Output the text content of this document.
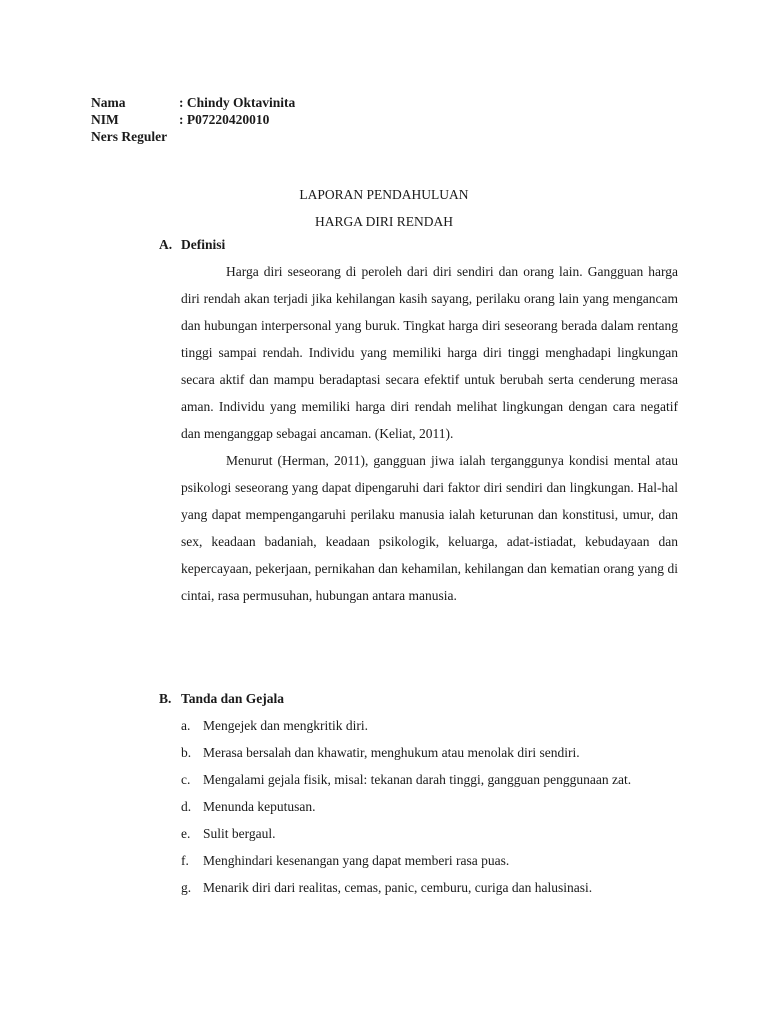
Nama	: Chindy Oktavinita
NIM	: P07220420010
Ners Reguler
LAPORAN PENDAHULUAN
HARGA DIRI RENDAH
A. Definisi

Harga diri seseorang di peroleh dari diri sendiri dan orang lain. Gangguan harga diri rendah akan terjadi jika kehilangan kasih sayang, perilaku orang lain yang mengancam dan hubungan interpersonal yang buruk. Tingkat harga diri seseorang berada dalam rentang tinggi sampai rendah. Individu yang memiliki harga diri tinggi menghadapi lingkungan secara aktif dan mampu beradaptasi secara efektif untuk berubah serta cenderung merasa aman. Individu yang memiliki harga diri rendah melihat lingkungan dengan cara negatif dan menganggap sebagai ancaman. (Keliat, 2011).

Menurut (Herman, 2011), gangguan jiwa ialah terganggunya kondisi mental atau psikologi seseorang yang dapat dipengaruhi dari faktor diri sendiri dan lingkungan. Hal-hal yang dapat mempengangaruhi perilaku manusia ialah keturunan dan konstitusi, umur, dan sex, keadaan badaniah, keadaan psikologik, keluarga, adat-istiadat, kebudayaan dan kepercayaan, pekerjaan, pernikahan dan kehamilan, kehilangan dan kematian orang yang di cintai, rasa permusuhan, hubungan antara manusia.

B. Tanda dan Gejala
a. Mengejek dan mengkritik diri.
b. Merasa bersalah dan khawatir, menghukum atau menolak diri sendiri.
c. Mengalami gejala fisik, misal: tekanan darah tinggi, gangguan penggunaan zat.
d. Menunda keputusan.
e. Sulit bergaul.
f.	Menghindari kesenangan yang dapat memberi rasa puas.
g. Menarik diri dari realitas, cemas, panic, cemburu, curiga dan halusinasi.
